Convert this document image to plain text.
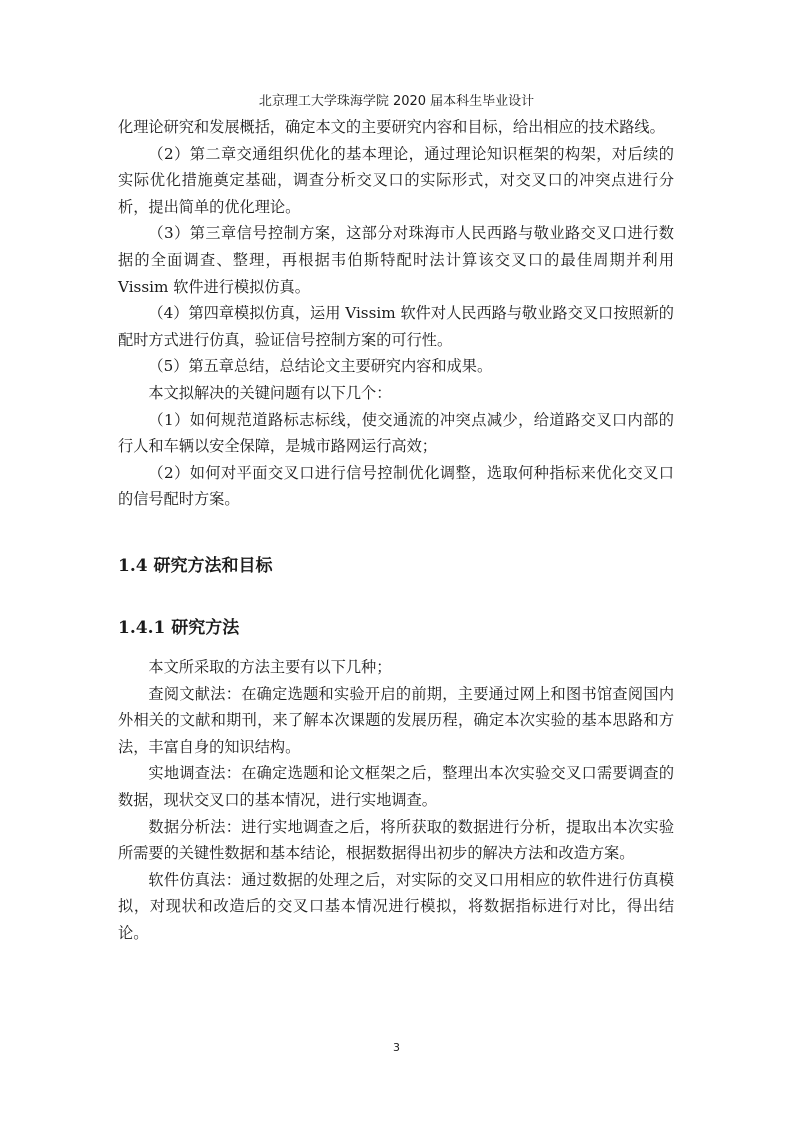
北京理工大学珠海学院 2020 届本科生毕业设计

化理论研究和发展概括，确定本文的主要研究内容和目标，给出相应的技术路线。

（2）第二章交通组织优化的基本理论，通过理论知识框架的构架，对后续的实际优化措施奠定基础，调查分析交叉口的实际形式，对交叉口的冲突点进行分析，提出简单的优化理论。

（3）第三章信号控制方案，这部分对珠海市人民西路与敬业路交叉口进行数据的全面调查、整理，再根据韦伯斯特配时法计算该交叉口的最佳周期并利用 Vissim 软件进行模拟仿真。

（4）第四章模拟仿真，运用 Vissim 软件对人民西路与敬业路交叉口按照新的配时方式进行仿真，验证信号控制方案的可行性。

（5）第五章总结，总结论文主要研究内容和成果。

本文拟解决的关键问题有以下几个：

（1）如何规范道路标志标线，使交通流的冲突点减少，给道路交叉口内部的行人和车辆以安全保障，是城市路网运行高效；

（2）如何对平面交叉口进行信号控制优化调整，选取何种指标来优化交叉口的信号配时方案。

1.4 研究方法和目标
1.4.1 研究方法

本文所采取的方法主要有以下几种；

查阅文献法：在确定选题和实验开启的前期，主要通过网上和图书馆查阅国内外相关的文献和期刊，来了解本次课题的发展历程，确定本次实验的基本思路和方法，丰富自身的知识结构。

实地调查法：在确定选题和论文框架之后，整理出本次实验交叉口需要调查的数据，现状交叉口的基本情况，进行实地调查。

数据分析法：进行实地调查之后，将所获取的数据进行分析，提取出本次实验所需要的关键性数据和基本结论，根据数据得出初步的解决方法和改造方案。

软件仿真法：通过数据的处理之后，对实际的交叉口用相应的软件进行仿真模拟，对现状和改造后的交叉口基本情况进行模拟，将数据指标进行对比，得出结论。

3
